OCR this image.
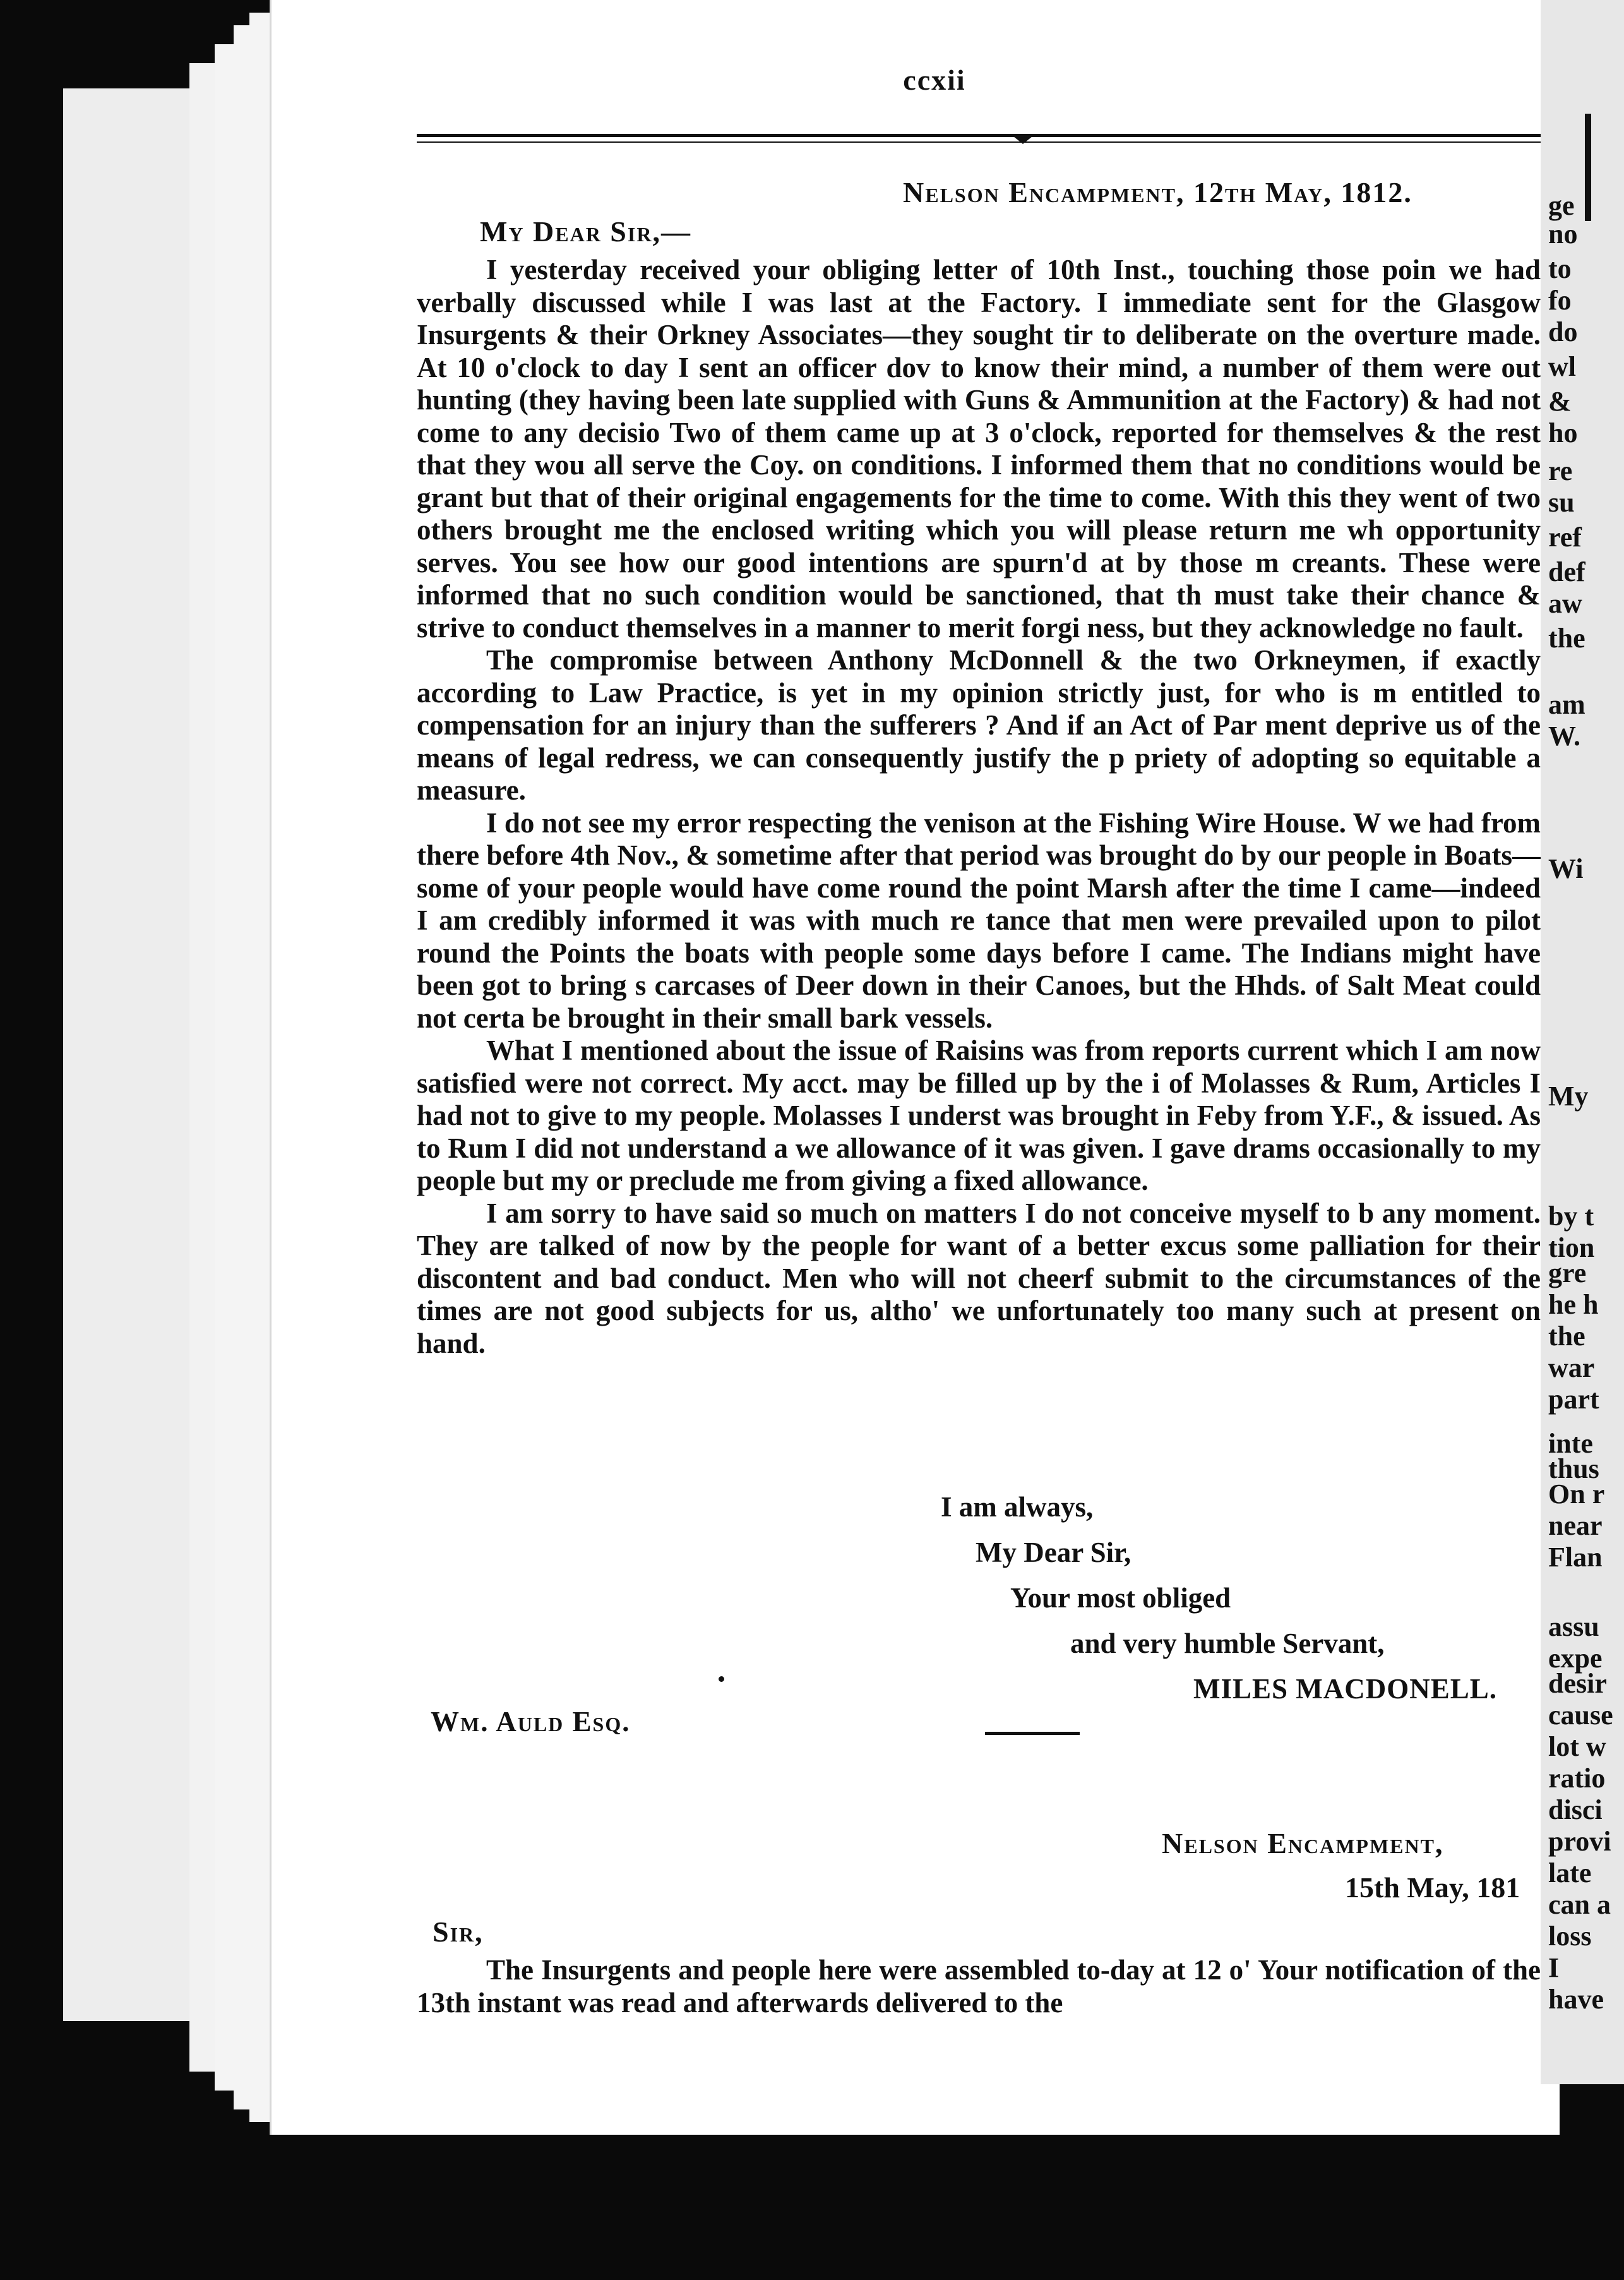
ccxii
Nelson Encampment, 12th May, 1812.
My Dear Sir,—

I yesterday received your obliging letter of 10th Inst., touching those poin we had verbally discussed while I was last at the Factory. I immediate sent for the Glasgow Insurgents & their Orkney Associates—they sought tir to deliberate on the overture made. At 10 o'clock to day I sent an officer dov to know their mind, a number of them were out hunting (they having been late supplied with Guns & Ammunition at the Factory) & had not come to any decisio Two of them came up at 3 o'clock, reported for themselves & the rest that they wou all serve the Coy. on conditions. I informed them that no conditions would be grant but that of their original engagements for the time to come. With this they went of two others brought me the enclosed writing which you will please return me wh opportunity serves. You see how our good intentions are spurn'd at by those m creants. These were informed that no such condition would be sanctioned, that th must take their chance & strive to conduct themselves in a manner to merit forgi ness, but they acknowledge no fault.

The compromise between Anthony McDonnell & the two Orkneymen, if exactly according to Law Practice, is yet in my opinion strictly just, for who is m entitled to compensation for an injury than the sufferers ? And if an Act of Par ment deprive us of the means of legal redress, we can consequently justify the p priety of adopting so equitable a measure.

I do not see my error respecting the venison at the Fishing Wire House. W we had from there before 4th Nov., & sometime after that period was brought do by our people in Boats—some of your people would have come round the point Marsh after the time I came—indeed I am credibly informed it was with much re tance that men were prevailed upon to pilot round the Points the boats with people some days before I came. The Indians might have been got to bring s carcases of Deer down in their Canoes, but the Hhds. of Salt Meat could not certa be brought in their small bark vessels.

What I mentioned about the issue of Raisins was from reports current which I am now satisfied were not correct. My acct. may be filled up by the i of Molasses & Rum, Articles I had not to give to my people. Molasses I underst was brought in Feby from Y.F., & issued. As to Rum I did not understand a we allowance of it was given. I gave drams occasionally to my people but my or preclude me from giving a fixed allowance.

I am sorry to have said so much on matters I do not conceive myself to b any moment. They are talked of now by the people for want of a better excus some palliation for their discontent and bad conduct. Men who will not cheerf submit to the circumstances of the times are not good subjects for us, altho' we unfortunately too many such at present on hand.

I am always,
My Dear Sir,
Your most obliged
and very humble Servant,
MILES MACDONELL.
Wm. Auld Esq.
Nelson Encampment,
15th May, 181
Sir,

The Insurgents and people here were assembled to-day at 12 o' Your notification of the 13th instant was read and afterwards delivered to the

ge
no
to
fo
do
wl
&
ho
re
su
ref
def
aw
the
am
W.
Wi
My
by t
tion
gre
he h
the
war
part
inte
thus
On r
near
Flan
assu
expe
desir
cause
lot w
ratio
disci
provi
late
can a
loss
I
have
